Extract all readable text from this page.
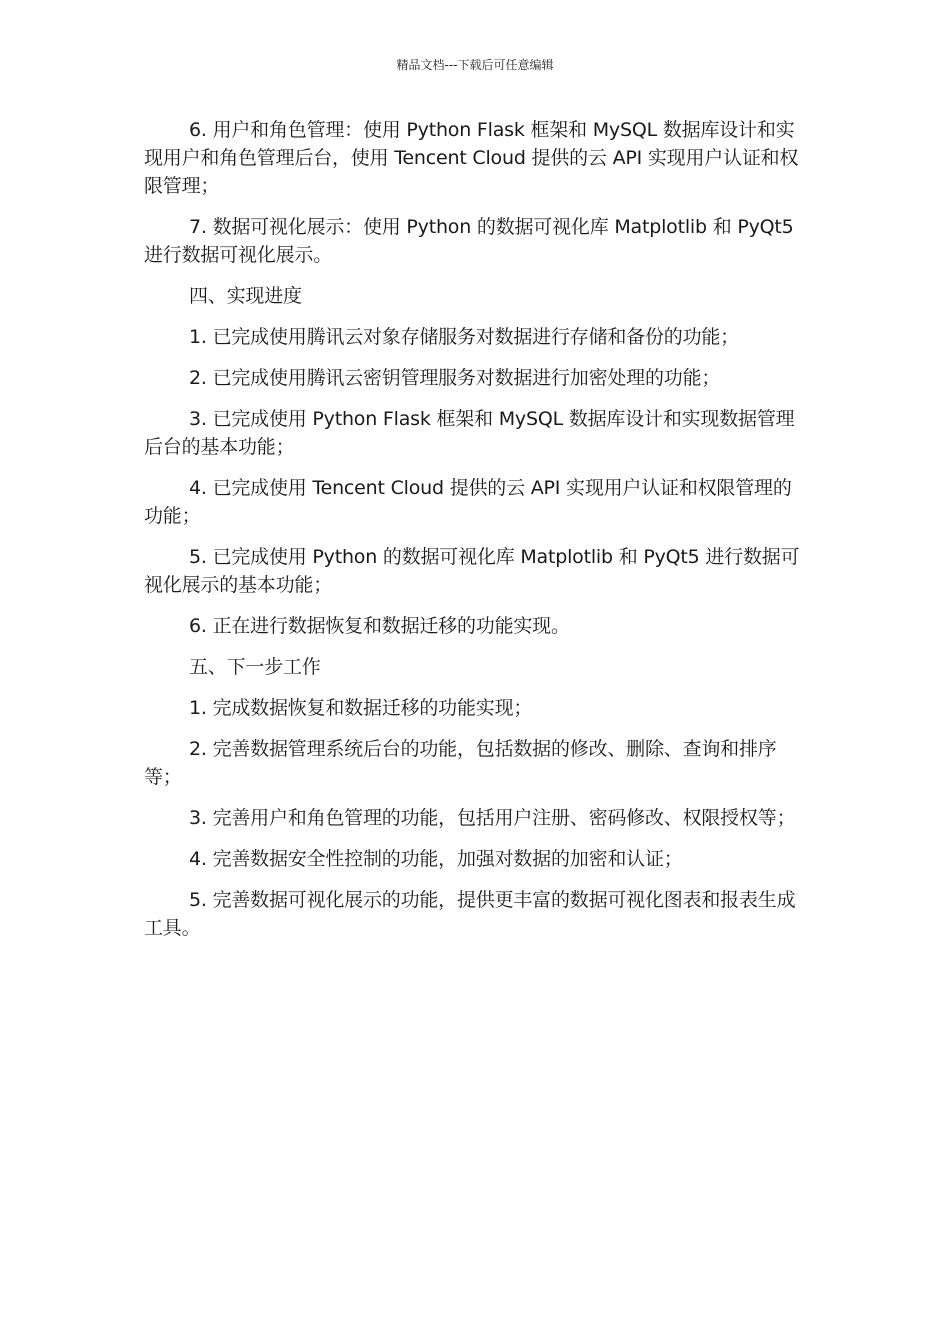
精品文档---下载后可任意编辑

6. 用户和角色管理：使用 Python Flask 框架和 MySQL 数据库设计和实现用户和角色管理后台，使用 Tencent Cloud 提供的云 API 实现用户认证和权限管理；

7. 数据可视化展示：使用 Python 的数据可视化库 Matplotlib 和 PyQt5 进行数据可视化展示。

四、实现进度

1. 已完成使用腾讯云对象存储服务对数据进行存储和备份的功能；

2. 已完成使用腾讯云密钥管理服务对数据进行加密处理的功能；

3. 已完成使用 Python Flask 框架和 MySQL 数据库设计和实现数据管理后台的基本功能；

4. 已完成使用 Tencent Cloud 提供的云 API 实现用户认证和权限管理的功能；

5. 已完成使用 Python 的数据可视化库 Matplotlib 和 PyQt5 进行数据可视化展示的基本功能；

6. 正在进行数据恢复和数据迁移的功能实现。

五、下一步工作

1. 完成数据恢复和数据迁移的功能实现；

2. 完善数据管理系统后台的功能，包括数据的修改、删除、查询和排序等；

3. 完善用户和角色管理的功能，包括用户注册、密码修改、权限授权等；

4. 完善数据安全性控制的功能，加强对数据的加密和认证；

5. 完善数据可视化展示的功能，提供更丰富的数据可视化图表和报表生成工具。
